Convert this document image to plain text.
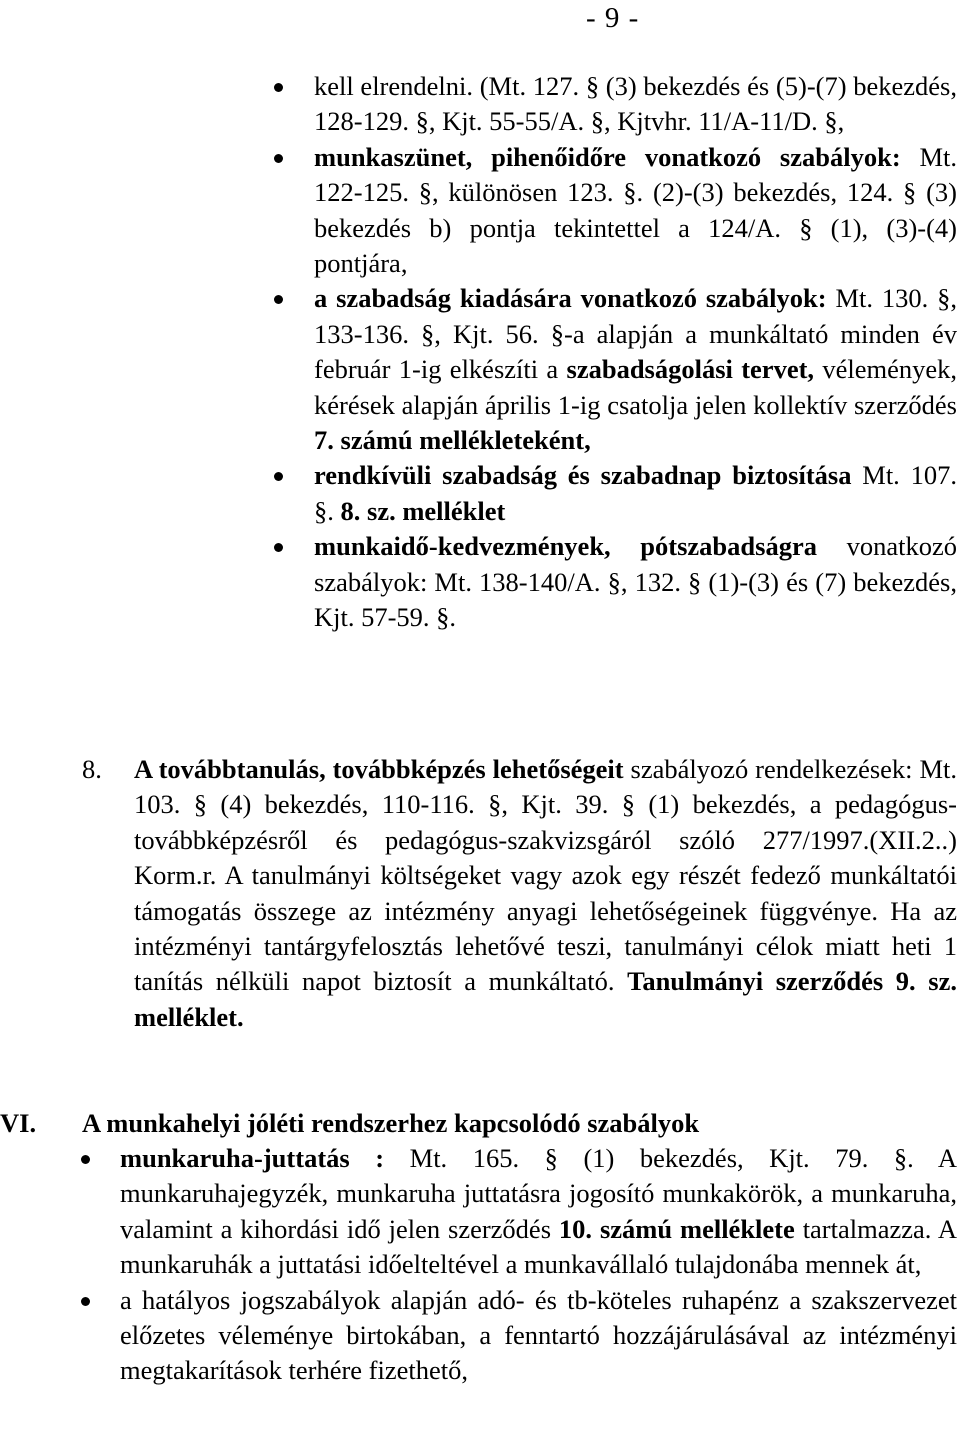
- 9 -
kell elrendelni. (Mt. 127. § (3) bekezdés és (5)-(7) bekezdés, 128-129. §, Kjt. 55-55/A. §, Kjtvhr. 11/A-11/D. §,
munkaszünet, pihenőidőre vonatkozó szabályok: Mt. 122-125. §, különösen 123. §. (2)-(3) bekezdés, 124. § (3) bekezdés b) pontja tekintettel a 124/A. § (1), (3)-(4) pontjára,
a szabadság kiadására vonatkozó szabályok: Mt. 130. §, 133-136. §, Kjt. 56. §-a alapján a munkáltató minden év február 1-ig elkészíti a szabadságolási tervet, vélemények, kérések alapján április 1-ig csatolja jelen kollektív szerződés 7. számú mellékleteként,
rendkívüli szabadság és szabadnap biztosítása Mt. 107. §. 8. sz. melléklet
munkaidő-kedvezmények, pótszabadságra vonatkozó szabályok: Mt. 138-140/A. §, 132. § (1)-(3) és (7) bekezdés, Kjt. 57-59. §.
8. A továbbtanulás, továbbképzés lehetőségeit szabályozó rendelkezések: Mt. 103. § (4) bekezdés, 110-116. §, Kjt. 39. § (1) bekezdés, a pedagógus-továbbképzésről és pedagógus-szakvizsgáról szóló 277/1997.(XII.2..) Korm.r. A tanulmányi költségeket vagy azok egy részét fedező munkáltatói támogatás összege az intézmény anyagi lehetőségeinek függvénye. Ha az intézményi tantárgyfelosztás lehetővé teszi, tanulmányi célok miatt heti 1 tanítás nélküli napot biztosít a munkáltató. Tanulmányi szerződés 9. sz. melléklet.
VI. A munkahelyi jóléti rendszerhez kapcsolódó szabályok
munkaruha-juttatás : Mt. 165. § (1) bekezdés, Kjt. 79. §. A munkaruhajegyzék, munkaruha juttatásra jogosító munkakörök, a munkaruha, valamint a kihordási idő jelen szerződés 10. számú melléklete tartalmazza. A munkaruhák a juttatási időelteltével a munkavállaló tulajdonába mennek át,
a hatályos jogszabályok alapján adó- és tb-köteles ruhapénz a szakszervezet előzetes véleménye birtokában, a fenntartó hozzájárulásával az intézményi megtakarítások terhére fizethető,
